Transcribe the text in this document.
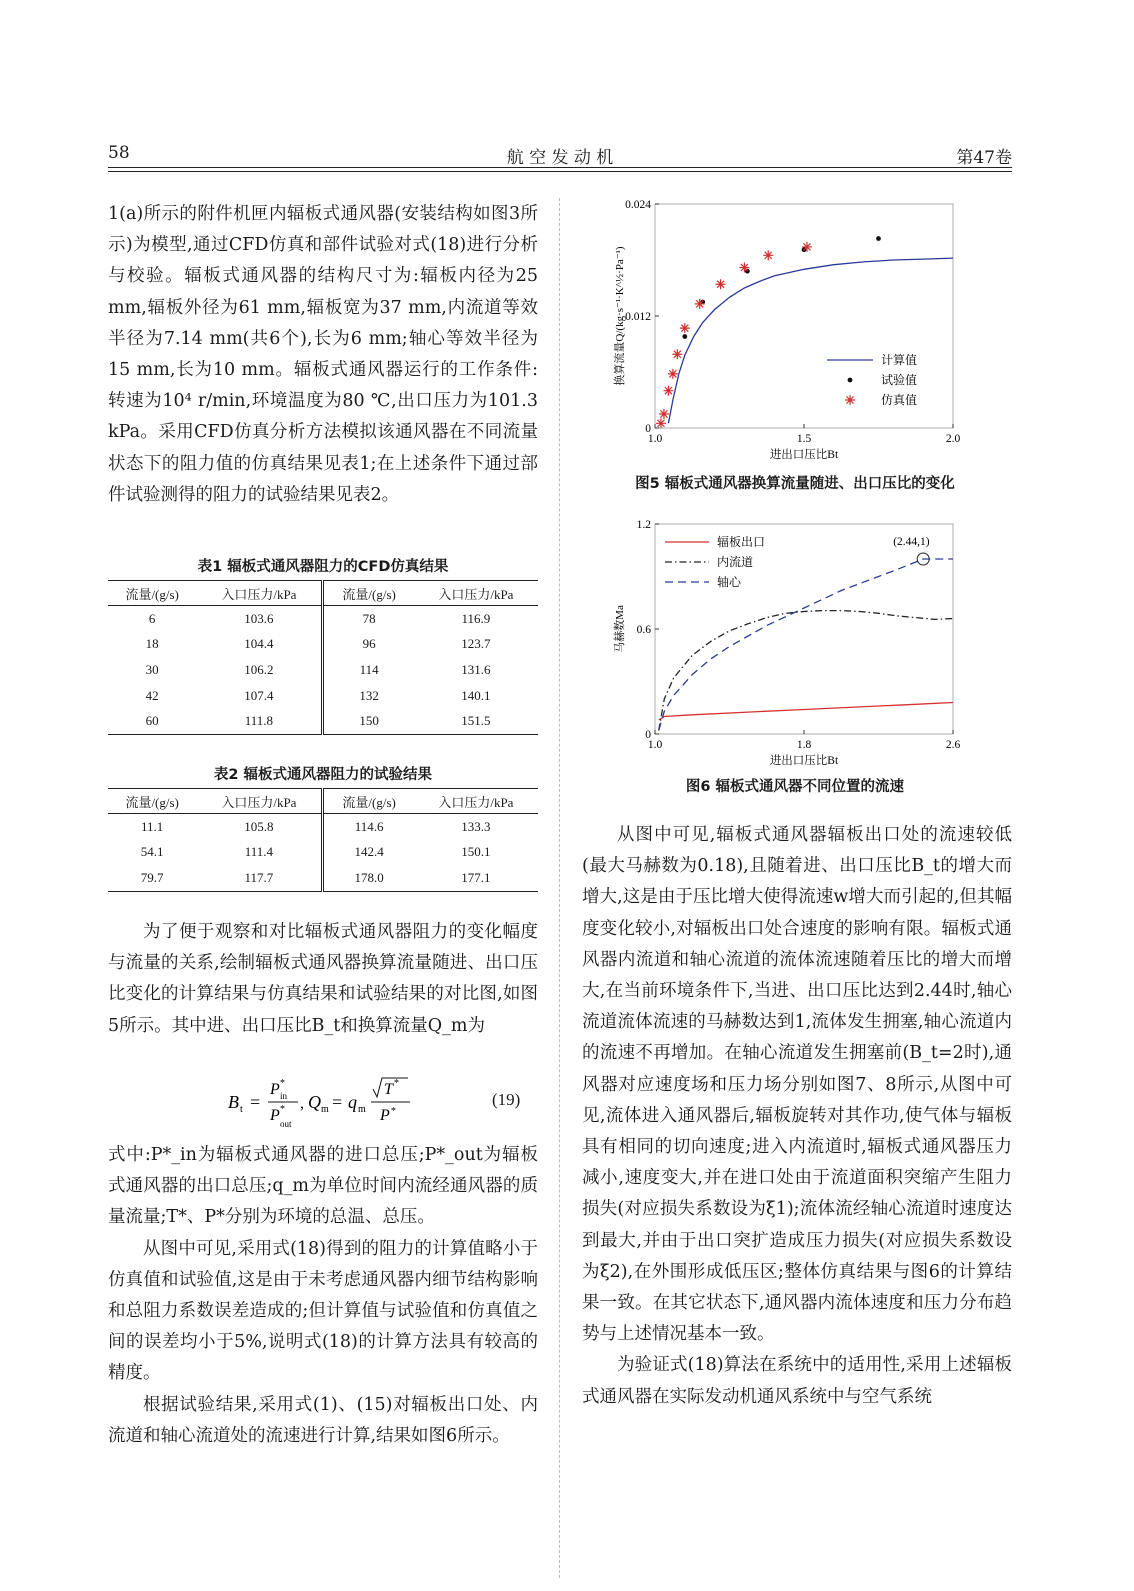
58	航 空 发 动 机	第47卷

1(a)所示的附件机匣内辐板式通风器(安装结构如图3所示)为模型,通过CFD仿真和部件试验对式(18)进行分析与校验。辐板式通风器的结构尺寸为:辐板内径为25 mm,辐板外径为61 mm,辐板宽为37 mm,内流道等效半径为7.14 mm(共6个),长为6 mm;轴心等效半径为15 mm,长为10 mm。辐板式通风器运行的工作条件:转速为10⁴ r/min,环境温度为80 ℃,出口压力为101.3 kPa。采用CFD仿真分析方法模拟该通风器在不同流量状态下的阻力值的仿真结果见表1;在上述条件下通过部件试验测得的阻力的试验结果见表2。

表1 辐板式通风器阻力的CFD仿真结果
流量/(g/s)	入口压力/kPa	流量/(g/s)	入口压力/kPa
6	103.6	78	116.9
18	104.4	96	123.7
30	106.2	114	131.6
42	107.4	132	140.1
60	111.8	150	151.5
表2 辐板式通风器阻力的试验结果
流量/(g/s)	入口压力/kPa	流量/(g/s)	入口压力/kPa
11.1	105.8	114.6	133.3
54.1	111.4	142.4	150.1
79.7	117.7	178.0	177.1

为了便于观察和对比辐板式通风器阻力的变化幅度与流量的关系,绘制辐板式通风器换算流量随进、出口压比变化的计算结果与仿真结果和试验结果的对比图,如图5所示。其中进、出口压比B_t和换算流量Q_m为

B t =
P *
in
P *
out
, Q m = q m
T *
P *
(19)

式中:P*_in为辐板式通风器的进口总压;P*_out为辐板式通风器的出口总压;q_m为单位时间内流经通风器的质量流量;T*、P*分别为环境的总温、总压。

从图中可见,采用式(18)得到的阻力的计算值略小于仿真值和试验值,这是由于未考虑通风器内细节结构影响和总阻力系数误差造成的;但计算值与试验值和仿真值之间的误差均小于5%,说明式(18)的计算方法具有较高的精度。

根据试验结果,采用式(1)、(15)对辐板出口处、内流道和轴心流道处的流速进行计算,结果如图6所示。

1.0	1.5	2.0
0
0.012
0.024
进出口压比Bt
换算流量Q/(kg·s⁻¹·K^½·Pa⁻¹)	计算值
试验值
仿真值
图5 辐板式通风器换算流量随进、出口压比的变化
1.0	1.8	2.6
0
0.6
1.2
进出口压比Bt
马赫数Ma
辐板出口
内流道
轴心
(2.44,1)
图6 辐板式通风器不同位置的流速

从图中可见,辐板式通风器辐板出口处的流速较低(最大马赫数为0.18),且随着进、出口压比B_t的增大而增大,这是由于压比增大使得流速w增大而引起的,但其幅度变化较小,对辐板出口处合速度的影响有限。辐板式通风器内流道和轴心流道的流体流速随着压比的增大而增大,在当前环境条件下,当进、出口压比达到2.44时,轴心流道流体流速的马赫数达到1,流体发生拥塞,轴心流道内的流速不再增加。在轴心流道发生拥塞前(B_t=2时),通风器对应速度场和压力场分别如图7、8所示,从图中可见,流体进入通风器后,辐板旋转对其作功,使气体与辐板具有相同的切向速度;进入内流道时,辐板式通风器压力减小,速度变大,并在进口处由于流道面积突缩产生阻力损失(对应损失系数设为ξ1);流体流经轴心流道时速度达到最大,并由于出口突扩造成压力损失(对应损失系数设为ξ2),在外围形成低压区;整体仿真结果与图6的计算结果一致。在其它状态下,通风器内流体速度和压力分布趋势与上述情况基本一致。

为验证式(18)算法在系统中的适用性,采用上述辐板式通风器在实际发动机通风系统中与空气系统
